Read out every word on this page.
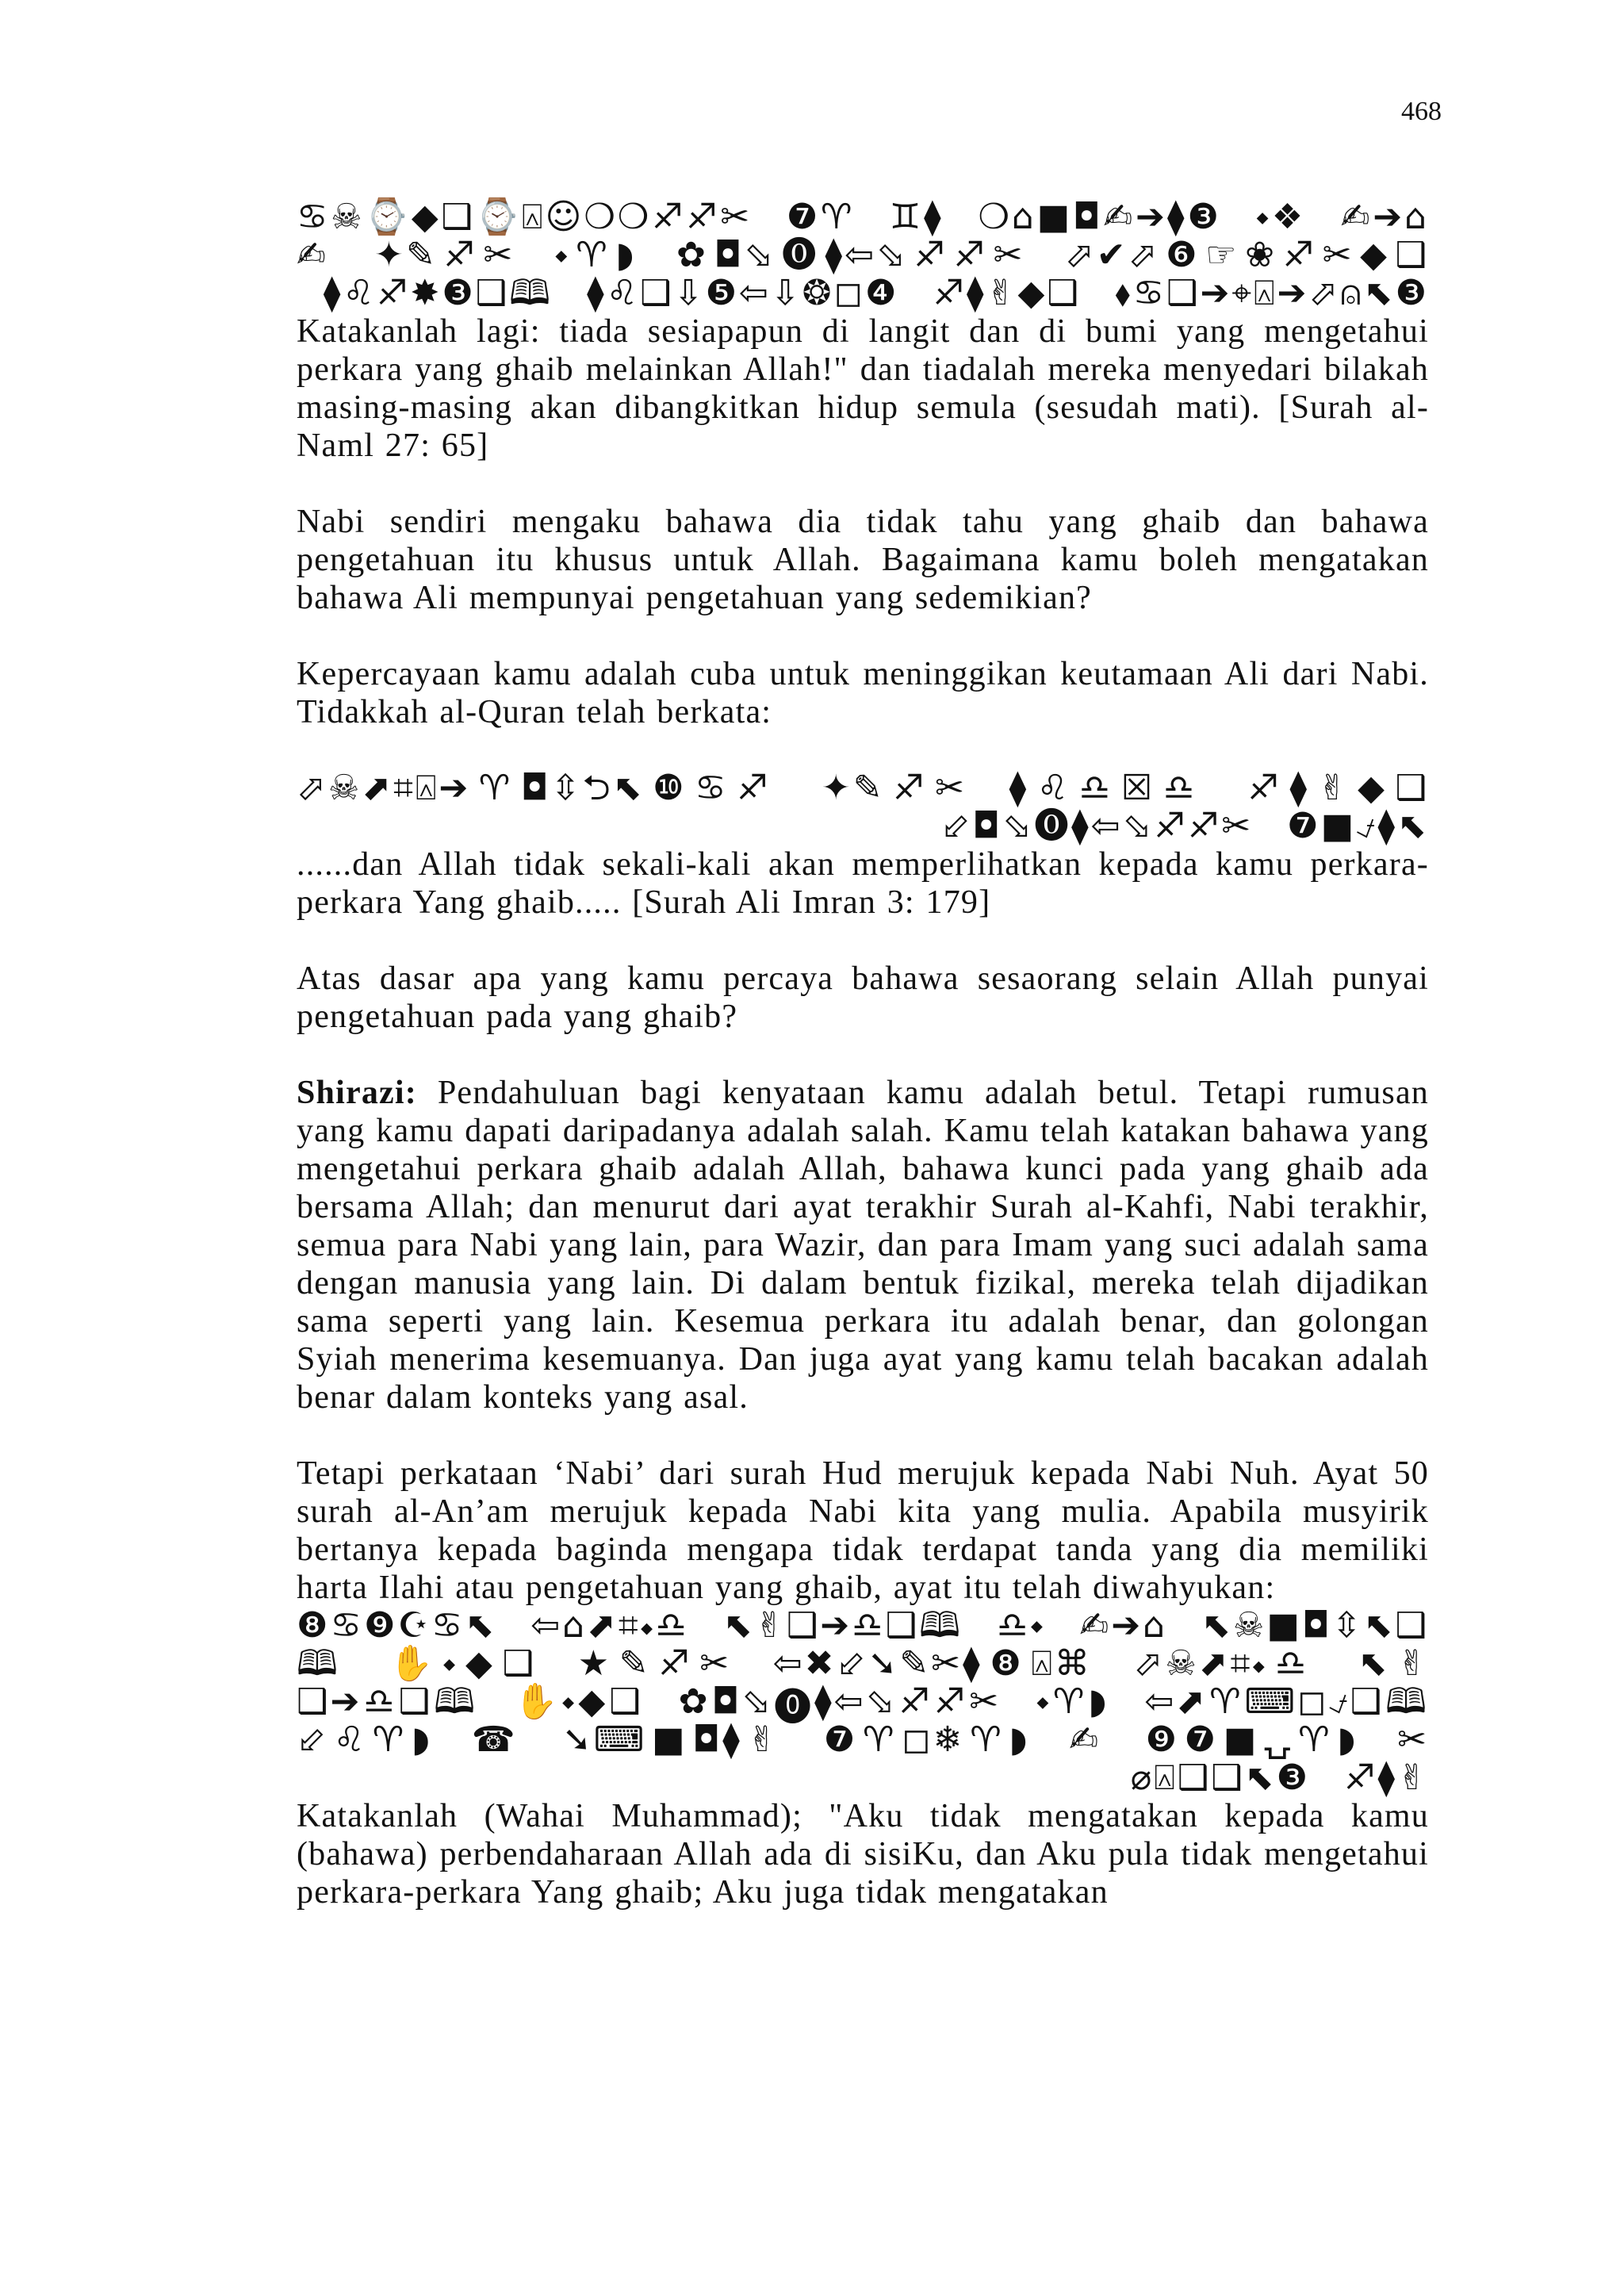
468

♋☠⌚◆❑⌚⍓☺❍❍♐♐✂ ❼♈ ♊⧫ ❍⌂■◘✍➔⧫❸ ⬩❖ ✍➔⌂ ✍ ✦✎♐✂ ⬩♈◗ ✿◘⬂⓿⧫⇦⬂♐♐✂ ⬀✔⬀❻☞❀♐✂◆❑ ⧫♌♐✸❸❑🕮 ⧫♌❑⇩❺⇦⇩❂◻❹ ♐⧫✌◆❑ ⬧♋❑➔⌖⍓➔⬀⍝⬉❸

Katakanlah lagi: tiada sesiapapun di langit dan di bumi yang mengetahui perkara yang ghaib melainkan Allah!" dan tiadalah mereka menyedari bilakah masing-masing akan dibangkitkan hidup semula (sesudah mati). [Surah al-Naml 27: 65]

Nabi sendiri mengaku bahawa dia tidak tahu yang ghaib dan bahawa pengetahuan itu khusus untuk Allah. Bagaimana kamu boleh mengatakan bahawa Ali mempunyai pengetahuan yang sedemikian?

Kepercayaan kamu adalah cuba untuk meninggikan keutamaan Ali dari Nabi. Tidakkah al-Quran telah berkata:

⬀☠⬈⌗⍓➔♈◘⇳⮌⬉❿♋♐ ✦✎♐✂ ⧫♌♎☒♎ ♐⧫✌◆❑ ⬃◘⬂⓿⧫⇦⬂♐♐✂ ❼■⍻⧫⬉

......dan Allah tidak sekali-kali akan memperlihatkan kepada kamu perkara-perkara Yang ghaib..... [Surah Ali Imran 3: 179]

Atas dasar apa yang kamu percaya bahawa sesaorang selain Allah punyai pengetahuan pada yang ghaib?

Shirazi: Pendahuluan bagi kenyataan kamu adalah betul. Tetapi rumusan yang kamu dapati daripadanya adalah salah. Kamu telah katakan bahawa yang mengetahui perkara ghaib adalah Allah, bahawa kunci pada yang ghaib ada bersama Allah; dan menurut dari ayat terakhir Surah al-Kahfi, Nabi terakhir, semua para Nabi yang lain, para Wazir, dan para Imam yang suci adalah sama dengan manusia yang lain. Di dalam bentuk fizikal, mereka telah dijadikan sama seperti yang lain. Kesemua perkara itu adalah benar, dan golongan Syiah menerima kesemuanya. Dan juga ayat yang kamu telah bacakan adalah benar dalam konteks yang asal.

Tetapi perkataan ‘Nabi’ dari surah Hud merujuk kepada Nabi Nuh. Ayat 50 surah al-An’am merujuk kepada Nabi kita yang mulia. Apabila musyirik bertanya kepada baginda mengapa tidak terdapat tanda yang dia memiliki harta Ilahi atau pengetahuan yang ghaib, ayat itu telah diwahyukan:

❽♋❾☪♋⬉ ⇦⌂⬈⌗⬩♎ ⬉✌❑➔♎❑🕮 ♎⬩ ✍➔⌂ ⬉☠■◘⇳⬉❑🕮 ✋⬩◆❑ ★✎♐✂ ⇦✖⬃➘✎✂⧫❽⍓⌘ ⬀☠⬈⌗⬩♎ ⬉✌❑➔♎❑🕮 ✋⬩◆❑ ✿◘⬂⓿⧫⇦⬂♐♐✂ ⬩♈◗ ⇦⬈♈⌨◻⍻❑🕮 ⬃♌♈◗ ☎ ➘⌨■◘⧫✌ ❼♈◻❄♈◗ ✍ ❾❼■⍽♈◗ ✂⌀⍓❑❑⬉❸ ♐⧫✌

Katakanlah (Wahai Muhammad); "Aku tidak mengatakan kepada kamu (bahawa) perbendaharaan Allah ada di sisiKu, dan Aku pula tidak mengetahui perkara-perkara Yang ghaib; Aku juga tidak mengatakan
